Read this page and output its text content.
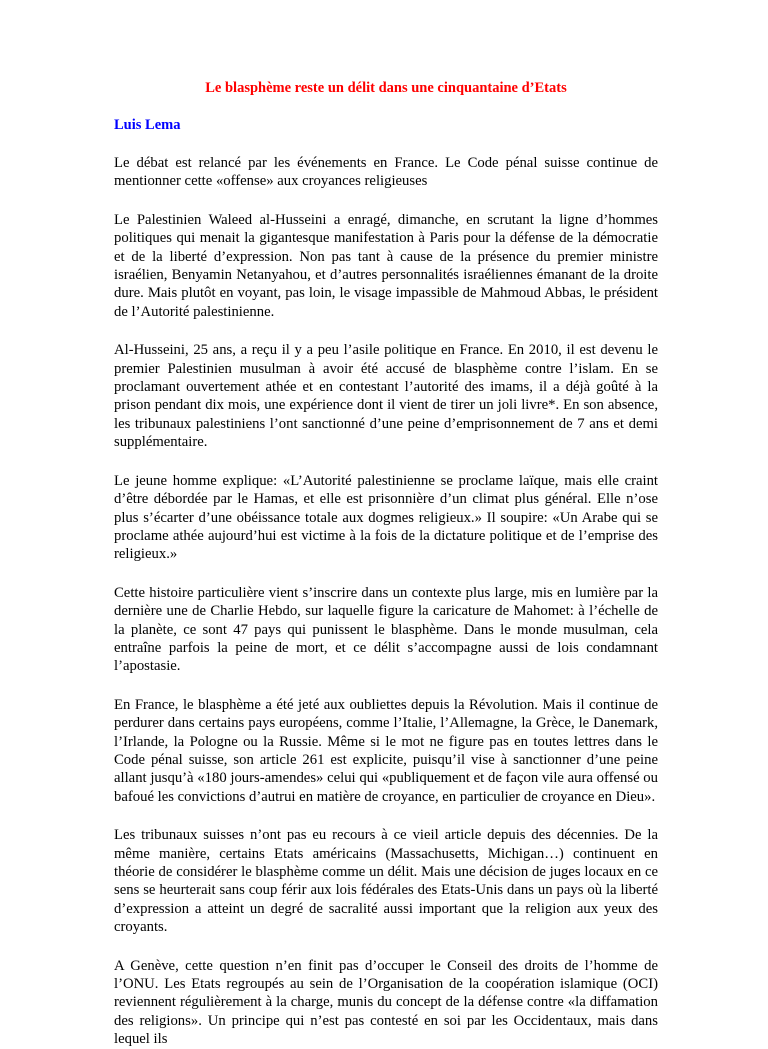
Le blasphème reste un délit dans une cinquantaine d’Etats
Luis Lema

Le débat est relancé par les événements en France. Le Code pénal suisse continue de mentionner cette «offense» aux croyances religieuses

Le Palestinien Waleed al-Husseini a enragé, dimanche, en scrutant la ligne d’hommes politiques qui menait la gigantesque manifestation à Paris pour la défense de la démocratie et de la liberté d’expression. Non pas tant à cause de la présence du premier ministre israélien, Benyamin Netanyahou, et d’autres personnalités israéliennes émanant de la droite dure. Mais plutôt en voyant, pas loin, le visage impassible de Mahmoud Abbas, le président de l’Autorité palestinienne.

Al-Husseini, 25 ans, a reçu il y a peu l’asile politique en France. En 2010, il est devenu le premier Palestinien musulman à avoir été accusé de blasphème contre l’islam. En se proclamant ouvertement athée et en contestant l’autorité des imams, il a déjà goûté à la prison pendant dix mois, une expérience dont il vient de tirer un joli livre*. En son absence, les tribunaux palestiniens l’ont sanctionné d’une peine d’emprisonnement de 7 ans et demi supplémentaire.

Le jeune homme explique: «L’Autorité palestinienne se proclame laïque, mais elle craint d’être débordée par le Hamas, et elle est prisonnière d’un climat plus général. Elle n’ose plus s’écarter d’une obéissance totale aux dogmes religieux.» Il soupire: «Un Arabe qui se proclame athée aujourd’hui est victime à la fois de la dictature politique et de l’emprise des religieux.»

Cette histoire particulière vient s’inscrire dans un contexte plus large, mis en lumière par la dernière une de Charlie Hebdo, sur laquelle figure la caricature de Mahomet: à l’échelle de la planète, ce sont 47 pays qui punissent le blasphème. Dans le monde musulman, cela entraîne parfois la peine de mort, et ce délit s’accompagne aussi de lois condamnant l’apostasie.

En France, le blasphème a été jeté aux oubliettes depuis la Révolution. Mais il continue de perdurer dans certains pays européens, comme l’Italie, l’Allemagne, la Grèce, le Danemark, l’Irlande, la Pologne ou la Russie. Même si le mot ne figure pas en toutes lettres dans le Code pénal suisse, son article 261 est explicite, puisqu’il vise à sanctionner d’une peine allant jusqu’à «180 jours-amendes» celui qui «publiquement et de façon vile aura offensé ou bafoué les convictions d’autrui en matière de croyance, en particulier de croyance en Dieu».

Les tribunaux suisses n’ont pas eu recours à ce vieil article depuis des décennies. De la même manière, certains Etats américains (Massachusetts, Michigan…) continuent en théorie de considérer le blasphème comme un délit. Mais une décision de juges locaux en ce sens se heurterait sans coup férir aux lois fédérales des Etats-Unis dans un pays où la liberté d’expression a atteint un degré de sacralité aussi important que la religion aux yeux des croyants.

A Genève, cette question n’en finit pas d’occuper le Conseil des droits de l’homme de l’ONU. Les Etats regroupés au sein de l’Organisation de la coopération islamique (OCI) reviennent régulièrement à la charge, munis du concept de la défense contre «la diffamation des religions». Un principe qui n’est pas contesté en soi par les Occidentaux, mais dans lequel ils
